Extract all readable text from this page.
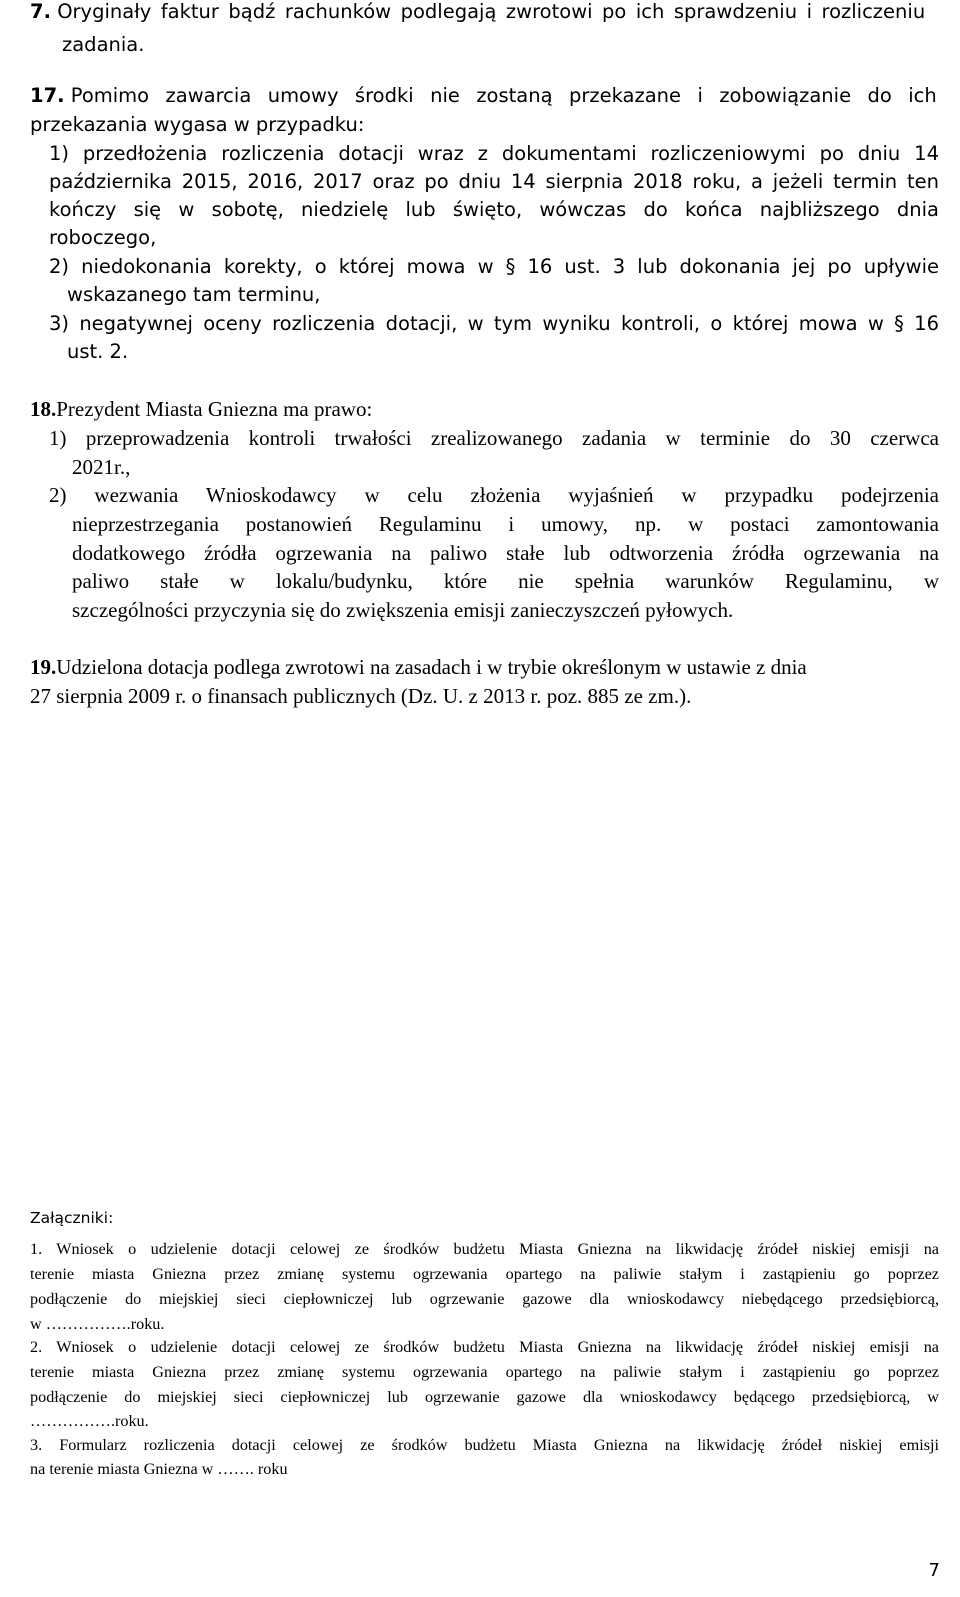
7. Oryginały faktur bądź rachunków podlegają zwrotowi po ich sprawdzeniu i rozliczeniu
zadania.
17. Pomimo zawarcia umowy środki nie zostaną przekazane i zobowiązanie do ich
przekazania wygasa w przypadku:
1) przedłożenia rozliczenia dotacji wraz z dokumentami rozliczeniowymi po dniu 14
października 2015, 2016, 2017 oraz po dniu 14 sierpnia 2018 roku, a jeżeli termin ten
kończy się w sobotę, niedzielę lub święto, wówczas do końca najbliższego dnia
roboczego,
2) niedokonania korekty, o której mowa w § 16 ust. 3 lub dokonania jej po upływie
wskazanego tam terminu,
3) negatywnej oceny rozliczenia dotacji, w tym wyniku kontroli, o której mowa w § 16
ust. 2.
18.Prezydent Miasta Gniezna ma prawo:
1) przeprowadzenia kontroli trwałości zrealizowanego zadania w terminie do 30 czerwca
2021r.,
2) wezwania Wnioskodawcy w celu złożenia wyjaśnień w przypadku podejrzenia
nieprzestrzegania postanowień Regulaminu i umowy, np. w postaci zamontowania
dodatkowego źródła ogrzewania na paliwo stałe lub odtworzenia źródła ogrzewania na
paliwo stałe w lokalu/budynku, które nie spełnia warunków Regulaminu, w
szczególności przyczynia się do zwiększenia emisji zanieczyszczeń pyłowych.
19.Udzielona dotacja podlega zwrotowi na zasadach i w trybie określonym w ustawie z dnia
27 sierpnia 2009 r. o finansach publicznych (Dz. U. z 2013 r. poz. 885 ze zm.).
Załączniki:
1. Wniosek o udzielenie dotacji celowej ze środków budżetu Miasta Gniezna na likwidację źródeł niskiej emisji na
terenie miasta Gniezna przez zmianę systemu ogrzewania opartego na paliwie stałym i zastąpieniu go poprzez
podłączenie do miejskiej sieci ciepłowniczej lub ogrzewanie gazowe dla wnioskodawcy niebędącego przedsiębiorcą,
w …………….roku.
2. Wniosek o udzielenie dotacji celowej ze środków budżetu Miasta Gniezna na likwidację źródeł niskiej emisji na
terenie miasta Gniezna przez zmianę systemu ogrzewania opartego na paliwie stałym i zastąpieniu go poprzez
podłączenie do miejskiej sieci ciepłowniczej lub ogrzewanie gazowe dla wnioskodawcy będącego przedsiębiorcą, w
…………….roku.
3. Formularz rozliczenia dotacji celowej ze środków budżetu Miasta Gniezna na likwidację źródeł niskiej emisji
na terenie miasta Gniezna w ……. roku
7
